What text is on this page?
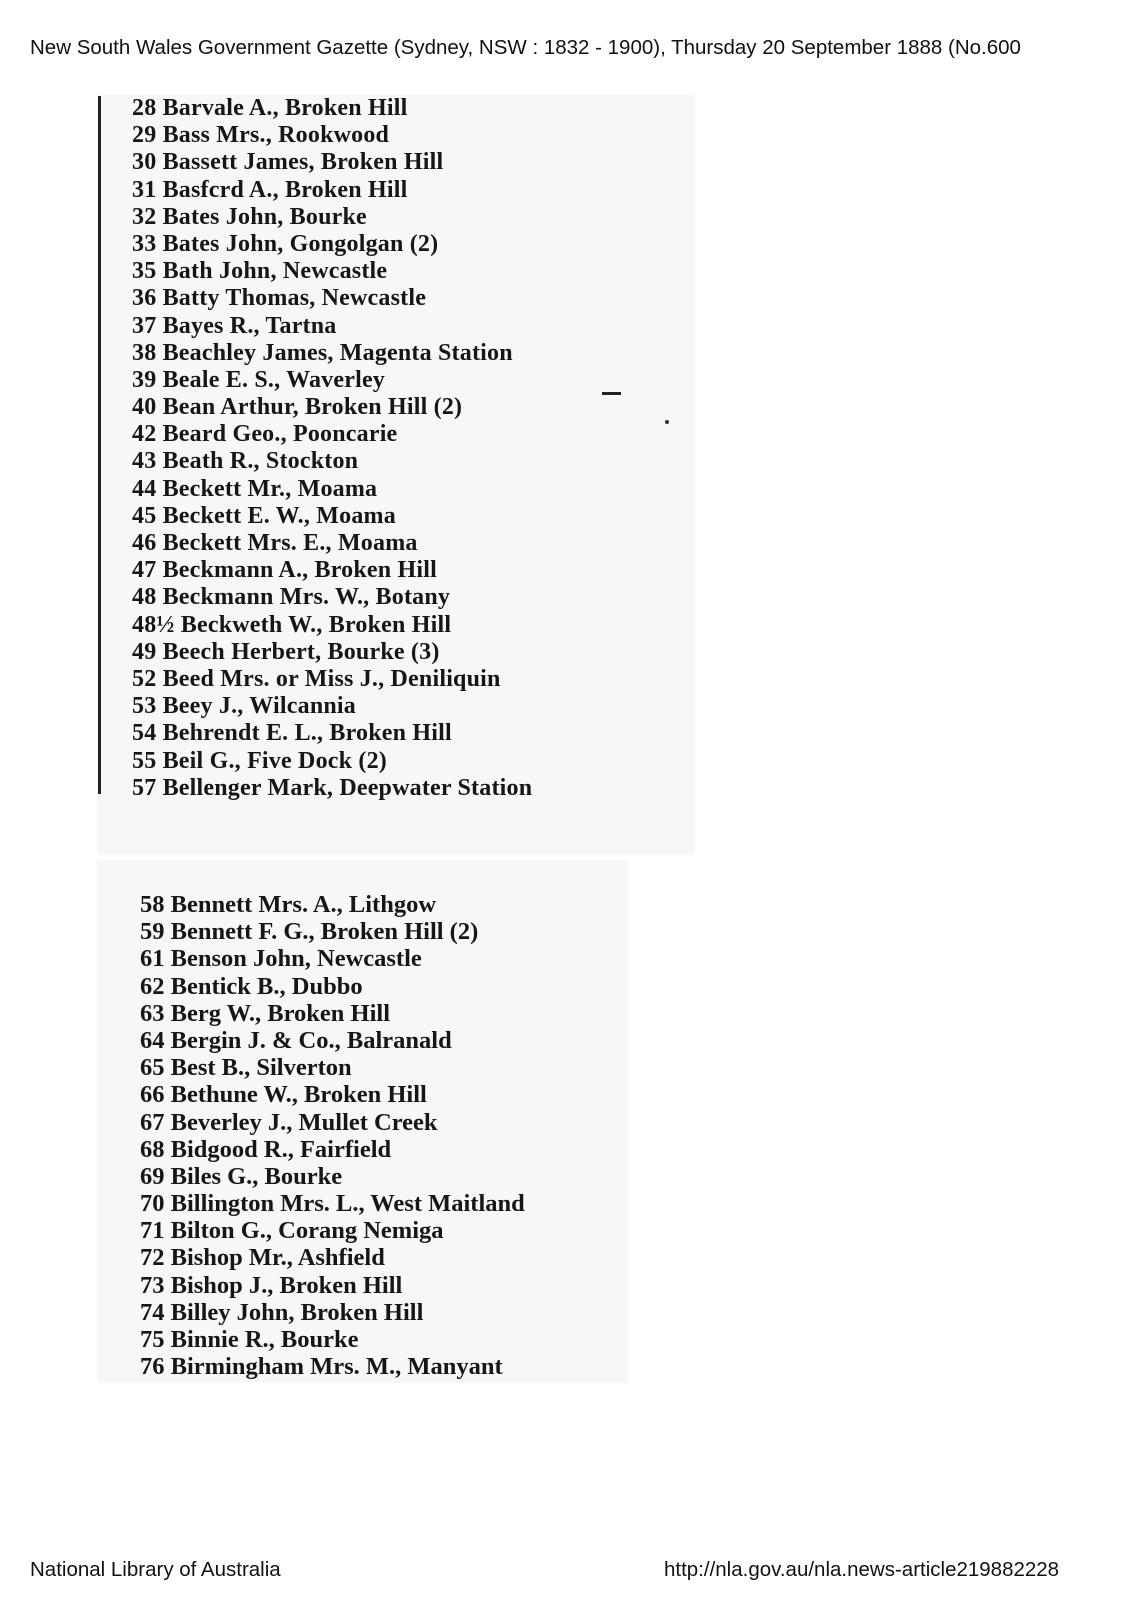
New South Wales Government Gazette (Sydney, NSW : 1832 - 1900), Thursday 20 September 1888 (No.600
28 Barvale A., Broken Hill
29 Bass Mrs., Rookwood
30 Bassett James, Broken Hill
31 Basfcrd A., Broken Hill
32 Bates John, Bourke
33 Bates John, Gongolgan (2)
35 Bath John, Newcastle
36 Batty Thomas, Newcastle
37 Bayes R., Tartna
38 Beachley James, Magenta Station
39 Beale E. S., Waverley
40 Bean Arthur, Broken Hill (2)
42 Beard Geo., Pooncarie
43 Beath R., Stockton
44 Beckett Mr., Moama
45 Beckett E. W., Moama
46 Beckett Mrs. E., Moama
47 Beckmann A., Broken Hill
48 Beckmann Mrs. W., Botany
48½ Beckweth W., Broken Hill
49 Beech Herbert, Bourke (3)
52 Beed Mrs. or Miss J., Deniliquin
53 Beey J., Wilcannia
54 Behrendt E. L., Broken Hill
55 Beil G., Five Dock (2)
57 Bellenger Mark, Deepwater Station
58 Bennett Mrs. A., Lithgow
59 Bennett F. G., Broken Hill (2)
61 Benson John, Newcastle
62 Bentick B., Dubbo
63 Berg W., Broken Hill
64 Bergin J. & Co., Balranald
65 Best B., Silverton
66 Bethune W., Broken Hill
67 Beverley J., Mullet Creek
68 Bidgood R., Fairfield
69 Biles G., Bourke
70 Billington Mrs. L., West Maitland
71 Bilton G., Corang Nemiga
72 Bishop Mr., Ashfield
73 Bishop J., Broken Hill
74 Billey John, Broken Hill
75 Binnie R., Bourke
76 Birmingham Mrs. M., Manyant
National Library of Australia	http://nla.gov.au/nla.news-article219882228
